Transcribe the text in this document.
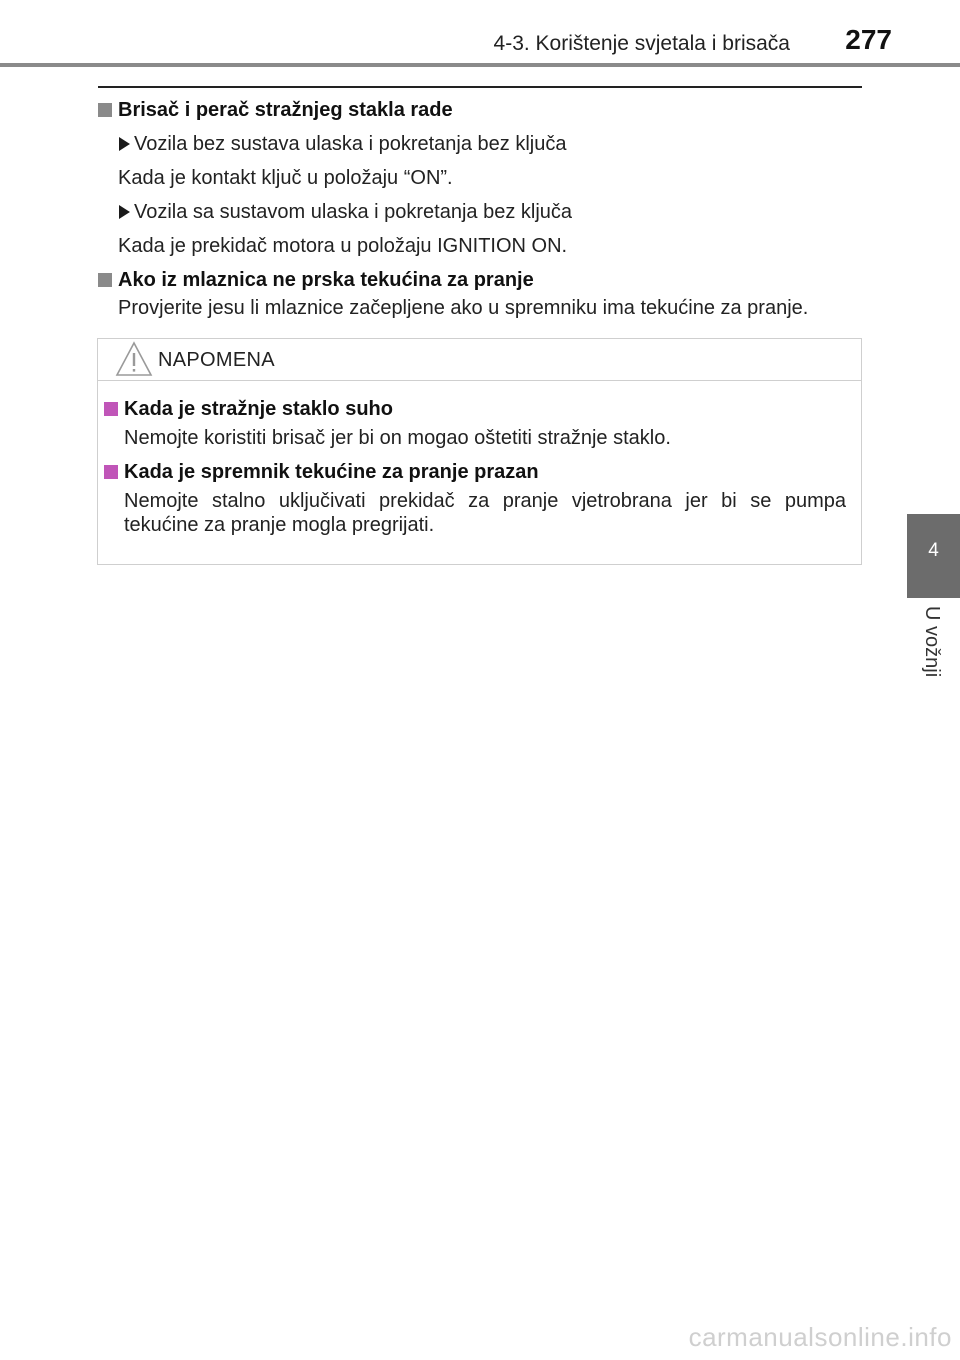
4-3. Korištenje svjetala i brisača 277
4
U vožnji
Brisač i perač stražnjeg stakla rade
Vozila bez sustava ulaska i pokretanja bez ključa
Kada je kontakt ključ u položaju “ON”.
Vozila sa sustavom ulaska i pokretanja bez ključa
Kada je prekidač motora u položaju IGNITION ON.
Ako iz mlaznica ne prska tekućina za pranje
Provjerite jesu li mlaznice začepljene ako u spremniku ima tekućine za pranje.
NAPOMENA
Kada je stražnje staklo suho
Nemojte koristiti brisač jer bi on mogao oštetiti stražnje staklo.
Kada je spremnik tekućine za pranje prazan
Nemojte stalno uključivati prekidač za pranje vjetrobrana jer bi se pumpa tekućine za pranje mogla pregrijati.
carmanualsonline.info
